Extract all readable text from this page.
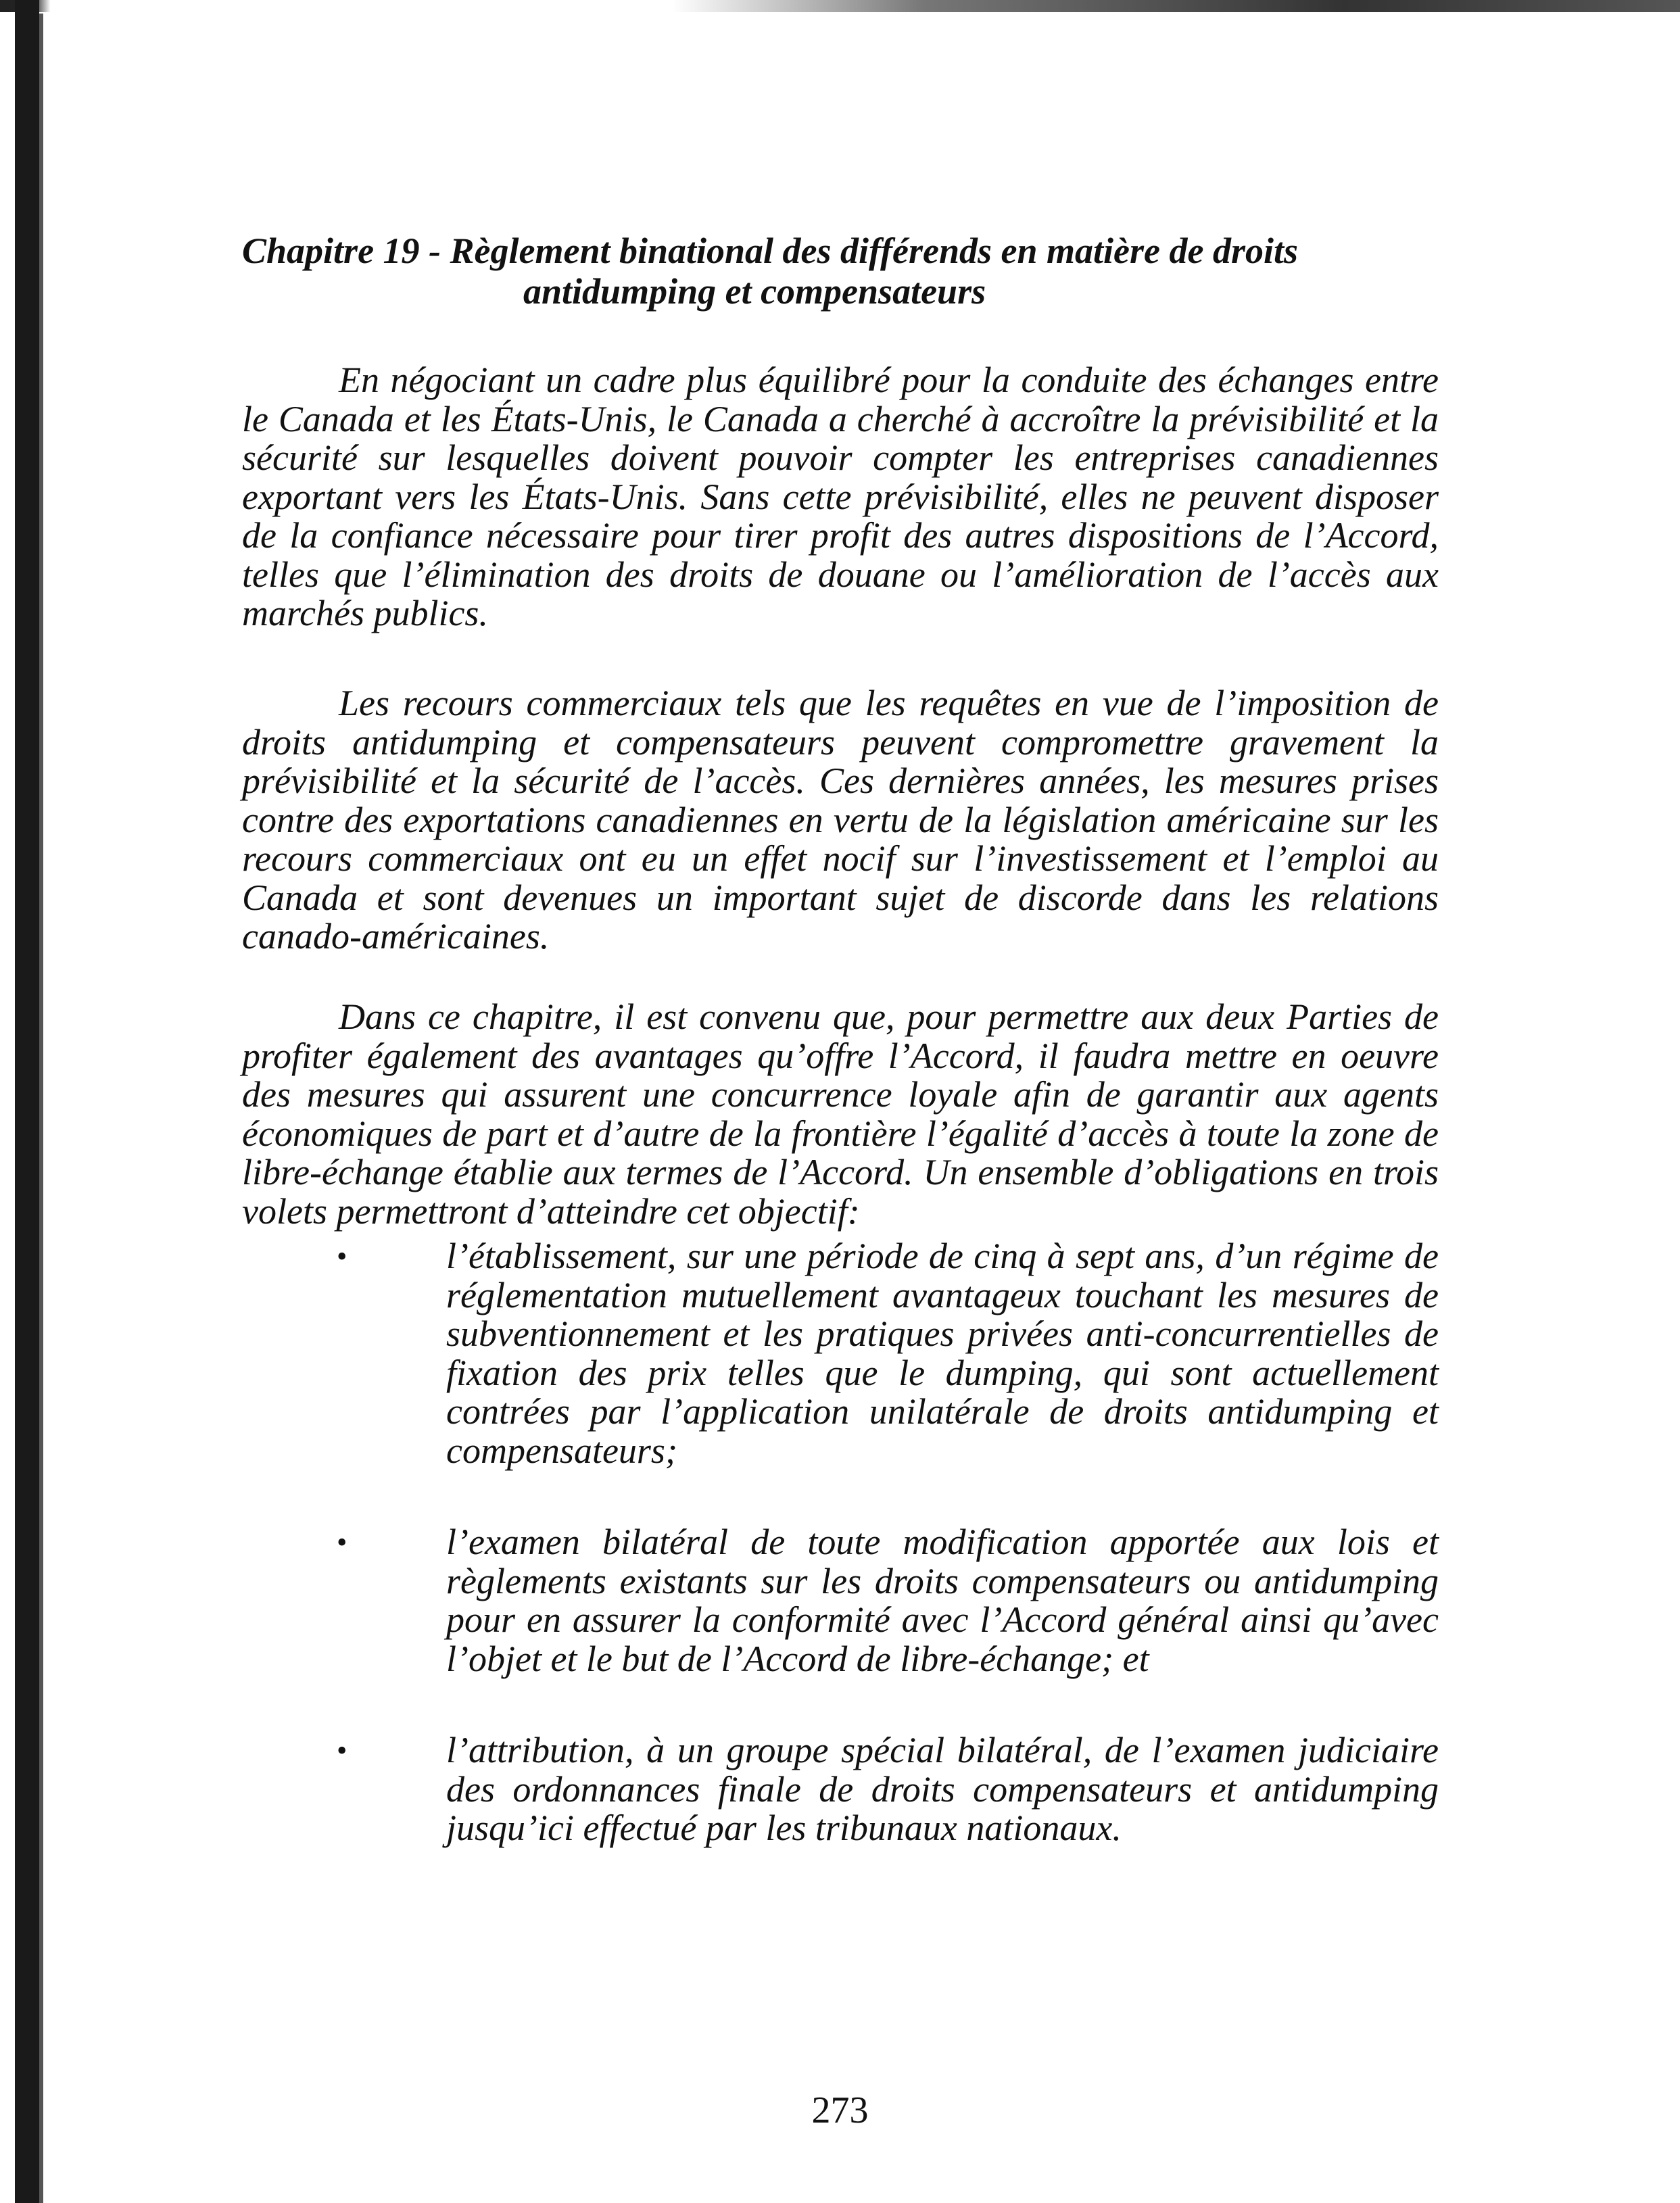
Chapitre 19 - Règlement binational des différends en matière de droits
antidumping et compensateurs

En négociant un cadre plus équilibré pour la conduite des échanges entre le Canada et les États-Unis, le Canada a cherché à accroître la prévisibilité et la sécurité sur lesquelles doivent pouvoir compter les entreprises canadiennes exportant vers les États-Unis. Sans cette prévisibilité, elles ne peuvent disposer de la confiance nécessaire pour tirer profit des autres dispositions de l’Accord, telles que l’élimination des droits de douane ou l’amélioration de l’accès aux marchés publics.

Les recours commerciaux tels que les requêtes en vue de l’imposition de droits antidumping et compensateurs peuvent compromettre gravement la prévisibilité et la sécurité de l’accès. Ces dernières années, les mesures prises contre des exportations canadiennes en vertu de la législation américaine sur les recours commerciaux ont eu un effet nocif sur l’investissement et l’emploi au Canada et sont devenues un important sujet de discorde dans les relations canado-américaines.

Dans ce chapitre, il est convenu que, pour permettre aux deux Parties de profiter également des avantages qu’offre l’Accord, il faudra mettre en oeuvre des mesures qui assurent une concurrence loyale afin de garantir aux agents économiques de part et d’autre de la frontière l’égalité d’accès à toute la zone de libre-échange établie aux termes de l’Accord. Un ensemble d’obligations en trois volets permettront d’atteindre cet objectif:

•	l’établissement, sur une période de cinq à sept ans, d’un régime de réglementation mutuellement avantageux touchant les mesures de subventionnement et les pratiques privées anti-concurrentielles de fixation des prix telles que le dumping, qui sont actuellement contrées par l’application unilatérale de droits antidumping et compensateurs;
•	l’examen bilatéral de toute modification apportée aux lois et règlements existants sur les droits compensateurs ou antidumping pour en assurer la conformité avec l’Accord général ainsi qu’avec l’objet et le but de l’Accord de libre-échange; et
•	l’attribution, à un groupe spécial bilatéral, de l’examen judiciaire des ordonnances finale de droits compensateurs et antidumping jusqu’ici effectué par les tribunaux nationaux.
273
